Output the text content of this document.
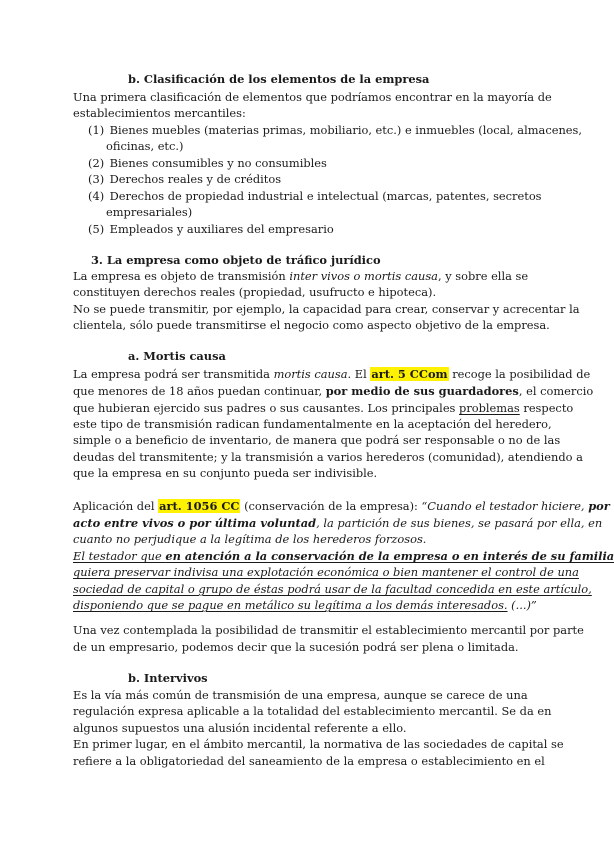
b. Clasificación de los elementos de la empresa
Una primera clasificación de elementos que podríamos encontrar en la mayoría de
establecimientos mercantiles:
(1) Bienes muebles (materias primas, mobiliario, etc.) e inmuebles (local, almacenes,
oficinas, etc.)
(2) Bienes consumibles y no consumibles
(3) Derechos reales y de créditos
(4) Derechos de propiedad industrial e intelectual (marcas, patentes, secretos
empresariales)
(5) Empleados y auxiliares del empresario
3. La empresa como objeto de tráfico jurídico
La empresa es objeto de transmisión inter vivos o mortis causa, y sobre ella se
constituyen derechos reales (propiedad, usufructo e hipoteca).
No se puede transmitir, por ejemplo, la capacidad para crear, conservar y acrecentar la
clientela, sólo puede transmitirse el negocio como aspecto objetivo de la empresa.
a. Mortis causa
La empresa podrá ser transmitida mortis causa. El art. 5 CCom recoge la posibilidad de
que menores de 18 años puedan continuar, por medio de sus guardadores, el comercio
que hubieran ejercido sus padres o sus causantes. Los principales problemas respecto
este tipo de transmisión radican fundamentalmente en la aceptación del heredero,
simple o a beneficio de inventario, de manera que podrá ser responsable o no de las
deudas del transmitente; y la transmisión a varios herederos (comunidad), atendiendo a
que la empresa en su conjunto pueda ser indivisible.
Aplicación del art. 1056 CC (conservación de la empresa): “Cuando el testador hiciere, por
acto entre vivos o por última voluntad, la partición de sus bienes, se pasará por ella, en
cuanto no perjudique a la legítima de los herederos forzosos.
El testador que en atención a la conservación de la empresa o en interés de su familia
quiera preservar indivisa una explotación económica o bien mantener el control de una
sociedad de capital o grupo de éstas podrá usar de la facultad concedida en este artículo,
disponiendo que se pague en metálico su legítima a los demás interesados. (...)”
Una vez contemplada la posibilidad de transmitir el establecimiento mercantil por parte
de un empresario, podemos decir que la sucesión podrá ser plena o limitada.
b. Intervivos
Es la vía más común de transmisión de una empresa, aunque se carece de una
regulación expresa aplicable a la totalidad del establecimiento mercantil. Se da en
algunos supuestos una alusión incidental referente a ello.
En primer lugar, en el ámbito mercantil, la normativa de las sociedades de capital se
refiere a la obligatoriedad del saneamiento de la empresa o establecimiento en el
